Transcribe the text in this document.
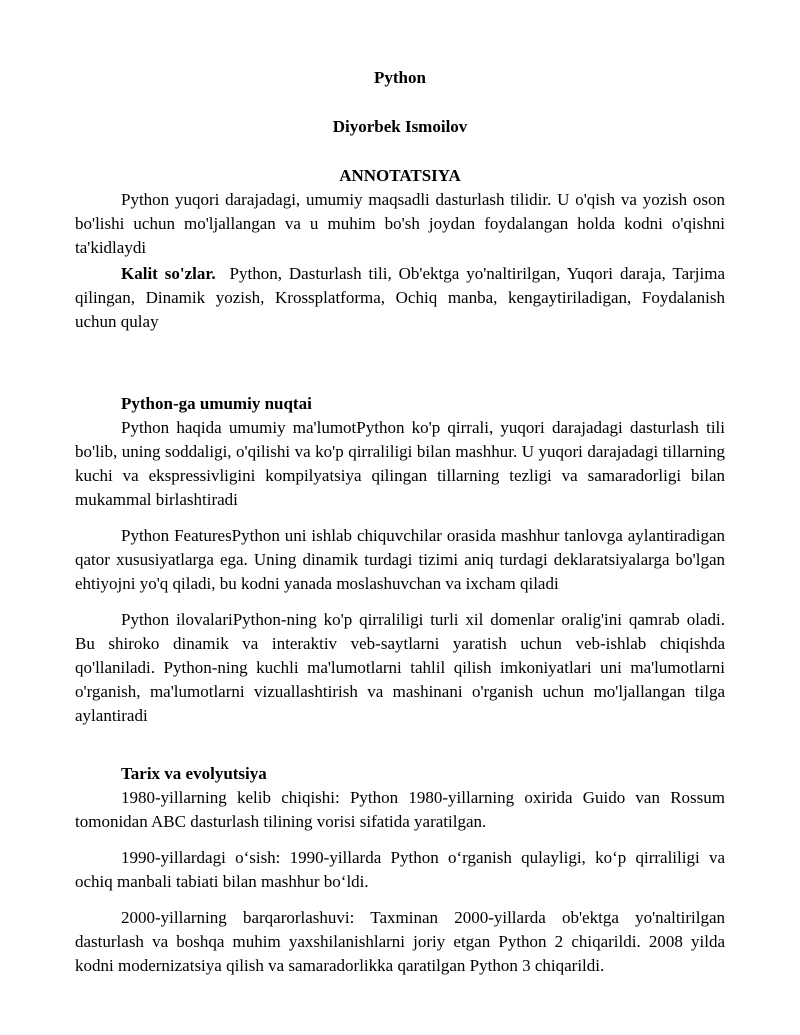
Python
Diyorbek Ismoilov
ANNOTATSIYA

Python yuqori darajadagi, umumiy maqsadli dasturlash tilidir. U o'qish va yozish oson bo'lishi uchun mo'ljallangan va u muhim bo'sh joydan foydalangan holda kodni o'qishni ta'kidlaydi

Kalit so'zlar. Python, Dasturlash tili, Ob'ektga yo'naltirilgan, Yuqori daraja, Tarjima qilingan, Dinamik yozish, Krossplatforma, Ochiq manba, kengaytiriladigan, Foydalanish uchun qulay

Python-ga umumiy nuqtai

Python haqida umumiy ma'lumotPython ko'p qirrali, yuqori darajadagi dasturlash tili bo'lib, uning soddaligi, o'qilishi va ko'p qirraliligi bilan mashhur. U yuqori darajadagi tillarning kuchi va ekspressivligini kompilyatsiya qilingan tillarning tezligi va samaradorligi bilan mukammal birlashtiradi

Python FeaturesPython uni ishlab chiquvchilar orasida mashhur tanlovga aylantiradigan qator xususiyatlarga ega. Uning dinamik turdagi tizimi aniq turdagi deklaratsiyalarga bo'lgan ehtiyojni yo'q qiladi, bu kodni yanada moslashuvchan va ixcham qiladi

Python ilovalariPython-ning ko'p qirraliligi turli xil domenlar oralig'ini qamrab oladi. Bu shiroko dinamik va interaktiv veb-saytlarni yaratish uchun veb-ishlab chiqishda qo'llaniladi. Python-ning kuchli ma'lumotlarni tahlil qilish imkoniyatlari uni ma'lumotlarni o'rganish, ma'lumotlarni vizuallashtirish va mashinani o'rganish uchun mo'ljallangan tilga aylantiradi

Tarix va evolyutsiya

1980-yillarning kelib chiqishi: Python 1980-yillarning oxirida Guido van Rossum tomonidan ABC dasturlash tilining vorisi sifatida yaratilgan.

1990-yillardagi o‘sish: 1990-yillarda Python o‘rganish qulayligi, ko‘p qirraliligi va ochiq manbali tabiati bilan mashhur bo‘ldi.

2000-yillarning barqarorlashuvi: Taxminan 2000-yillarda ob'ektga yo'naltirilgan dasturlash va boshqa muhim yaxshilanishlarni joriy etgan Python 2 chiqarildi. 2008 yilda kodni modernizatsiya qilish va samaradorlikka qaratilgan Python 3 chiqarildi.
